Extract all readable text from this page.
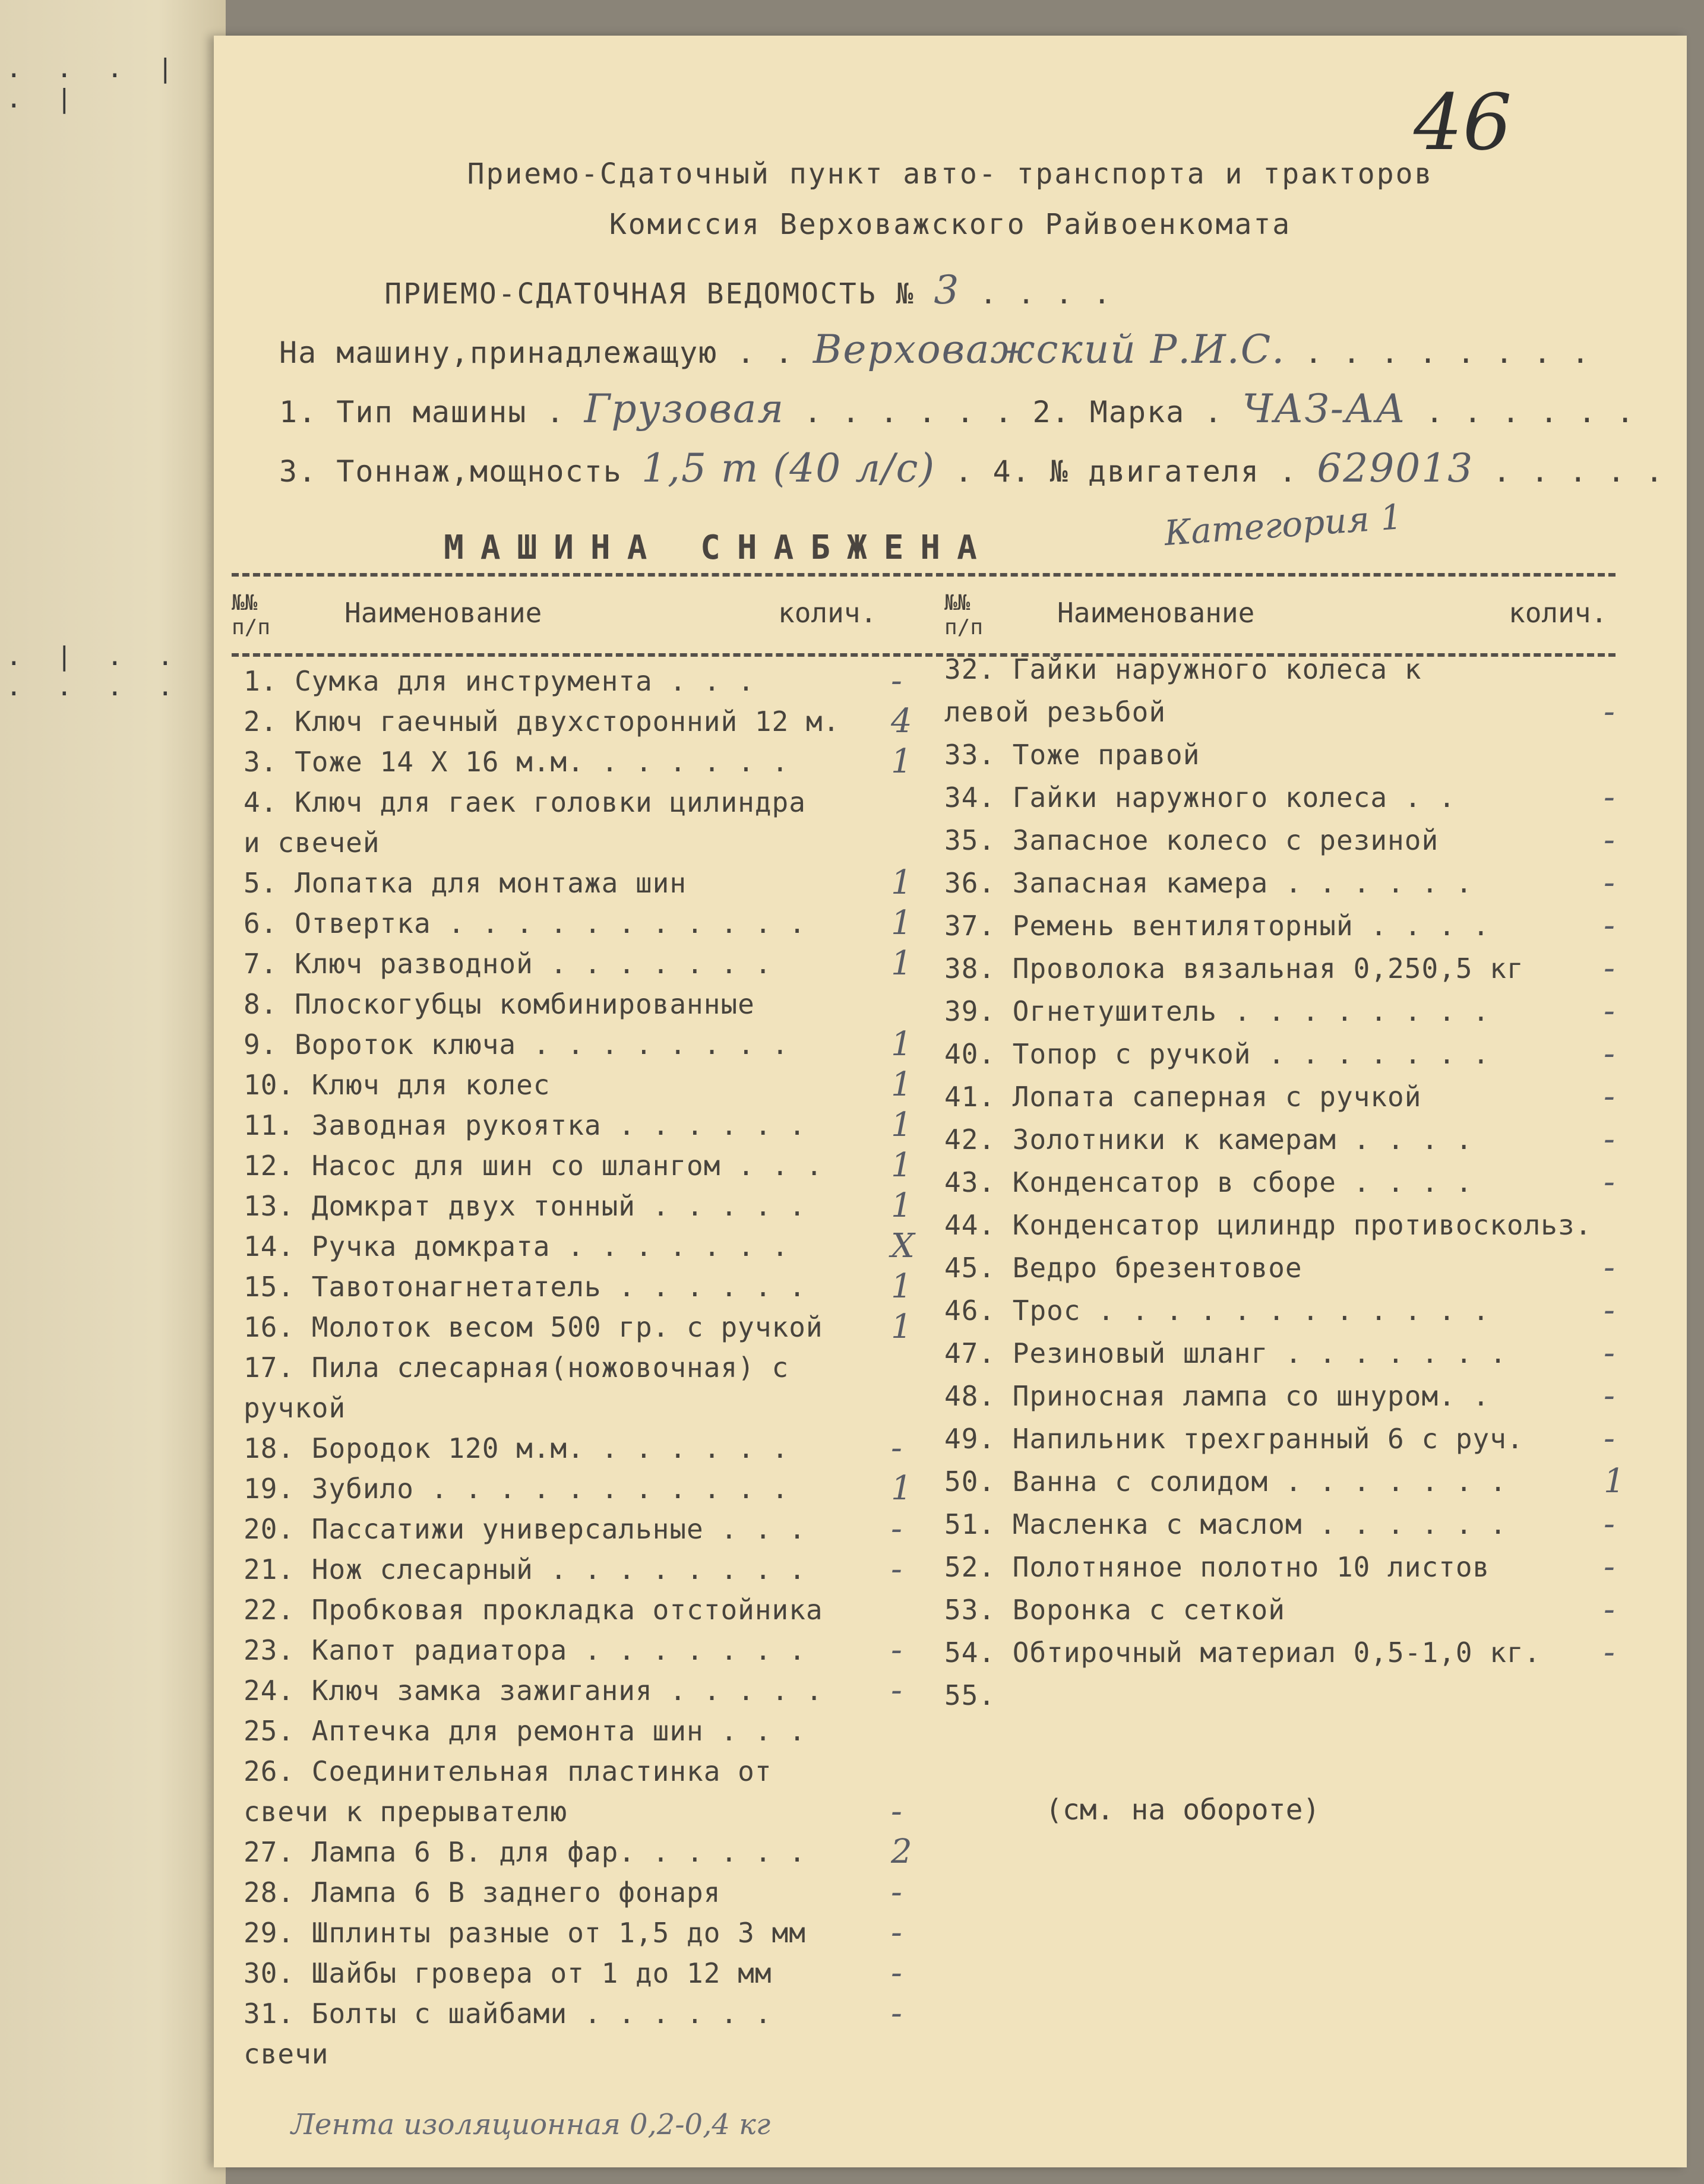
. . . | . |
. | . . . . . .
46
Приемо-Сдаточный пункт авто- транспорта и тракторов
Комиссия Верховажского Райвоенкомата
ПРИЕМО-СДАТОЧНАЯ ВЕДОМОСТЬ № 3 . . . .
На машину,принадлежащую . . Верховажский Р.И.С. . . . . . . . .
1. Тип машины . Грузовая . . . . . . 2. Марка . ЧАЗ-АА . . . . . .
3. Тоннаж,мощность 1,5 т (40 л/с) . 4. № двигателя . 629013 . . . . .
Категория 1
МАШИНА СНАБЖЕНА
№№ п/п	Наименование	колич.	№№ п/п	Наименование	колич.
1. Сумка для инструмента . . .	-
2. Ключ гаечный двухсторонний 12 м. 4
3. Тоже 14 Х 16 м.м. . . . . . .	1
4. Ключ для гаек головки цилиндра
и свечей
5. Лопатка для монтажа шин	1
6. Отвертка . . . . . . . . . . .	1
7. Ключ разводной . . . . . . .	1
8. Плоскогубцы комбинированные
9. Вороток ключа . . . . . . . .	1
10. Ключ для колес	1
11. Заводная рукоятка . . . . . .	1
12. Насос для шин со шлангом . . . 1
13. Домкрат двух тонный . . . . .	1
14. Ручка домкрата . . . . . . .	X
15. Тавотонагнетатель . . . . . .	1
16. Молоток весом 500 гр. с ручкой 1
17. Пила слесарная(ножовочная) с
ручкой
18. Бородок 120 м.м. . . . . . .	-
19. Зубило . . . . . . . . . . .	1
20. Пассатижи универсальные . . .	-
21. Нож слесарный . . . . . . . .	-
22. Пробковая прокладка отстойника
23. Капот радиатора . . . . . . .	-
24. Ключ замка зажигания . . . . . -
25. Аптечка для ремонта шин . . .
26. Соединительная пластинка от
свечи к прерывателю	-
27. Лампа 6 В. для фар. . . . . .	2
28. Лампа 6 В заднего фонаря	-
29. Шплинты разные от 1,5 до 3 мм	-
30. Шайбы гровера от 1 до 12 мм	-
31. Болты с шайбами . . . . . .	-
свечи
32. Гайки наружного колеса к
левой резьбой	-
33. Тоже правой
34. Гайки наружного колеса . .	-
35. Запасное колесо с резиной	-
36. Запасная камера . . . . . .	-
37. Ремень вентиляторный . . . .	-
38. Проволока вязальная 0,250,5 кг -
39. Огнетушитель . . . . . . . .	-
40. Топор с ручкой . . . . . . .	-
41. Лопата саперная с ручкой	-
42. Золотники к камерам . . . .	-
43. Конденсатор в сборе . . . .	-
44. Конденсатор цилиндр противоскольз.
45. Ведро брезентовое	-
46. Трос . . . . . . . . . . . .	-
47. Резиновый шланг . . . . . . .	-
48. Приносная лампа со шнуром. .	-
49. Напильник трехгранный 6 с руч. -
50. Ванна с солидом . . . . . . .	1
51. Масленка с маслом . . . . . .	-
52. Полотняное полотно 10 листов	-
53. Воронка с сеткой	-
54. Обтирочный материал 0,5-1,0 кг. -
55.
(см. на обороте)
Лента изоляционная 0,2-0,4 кг
